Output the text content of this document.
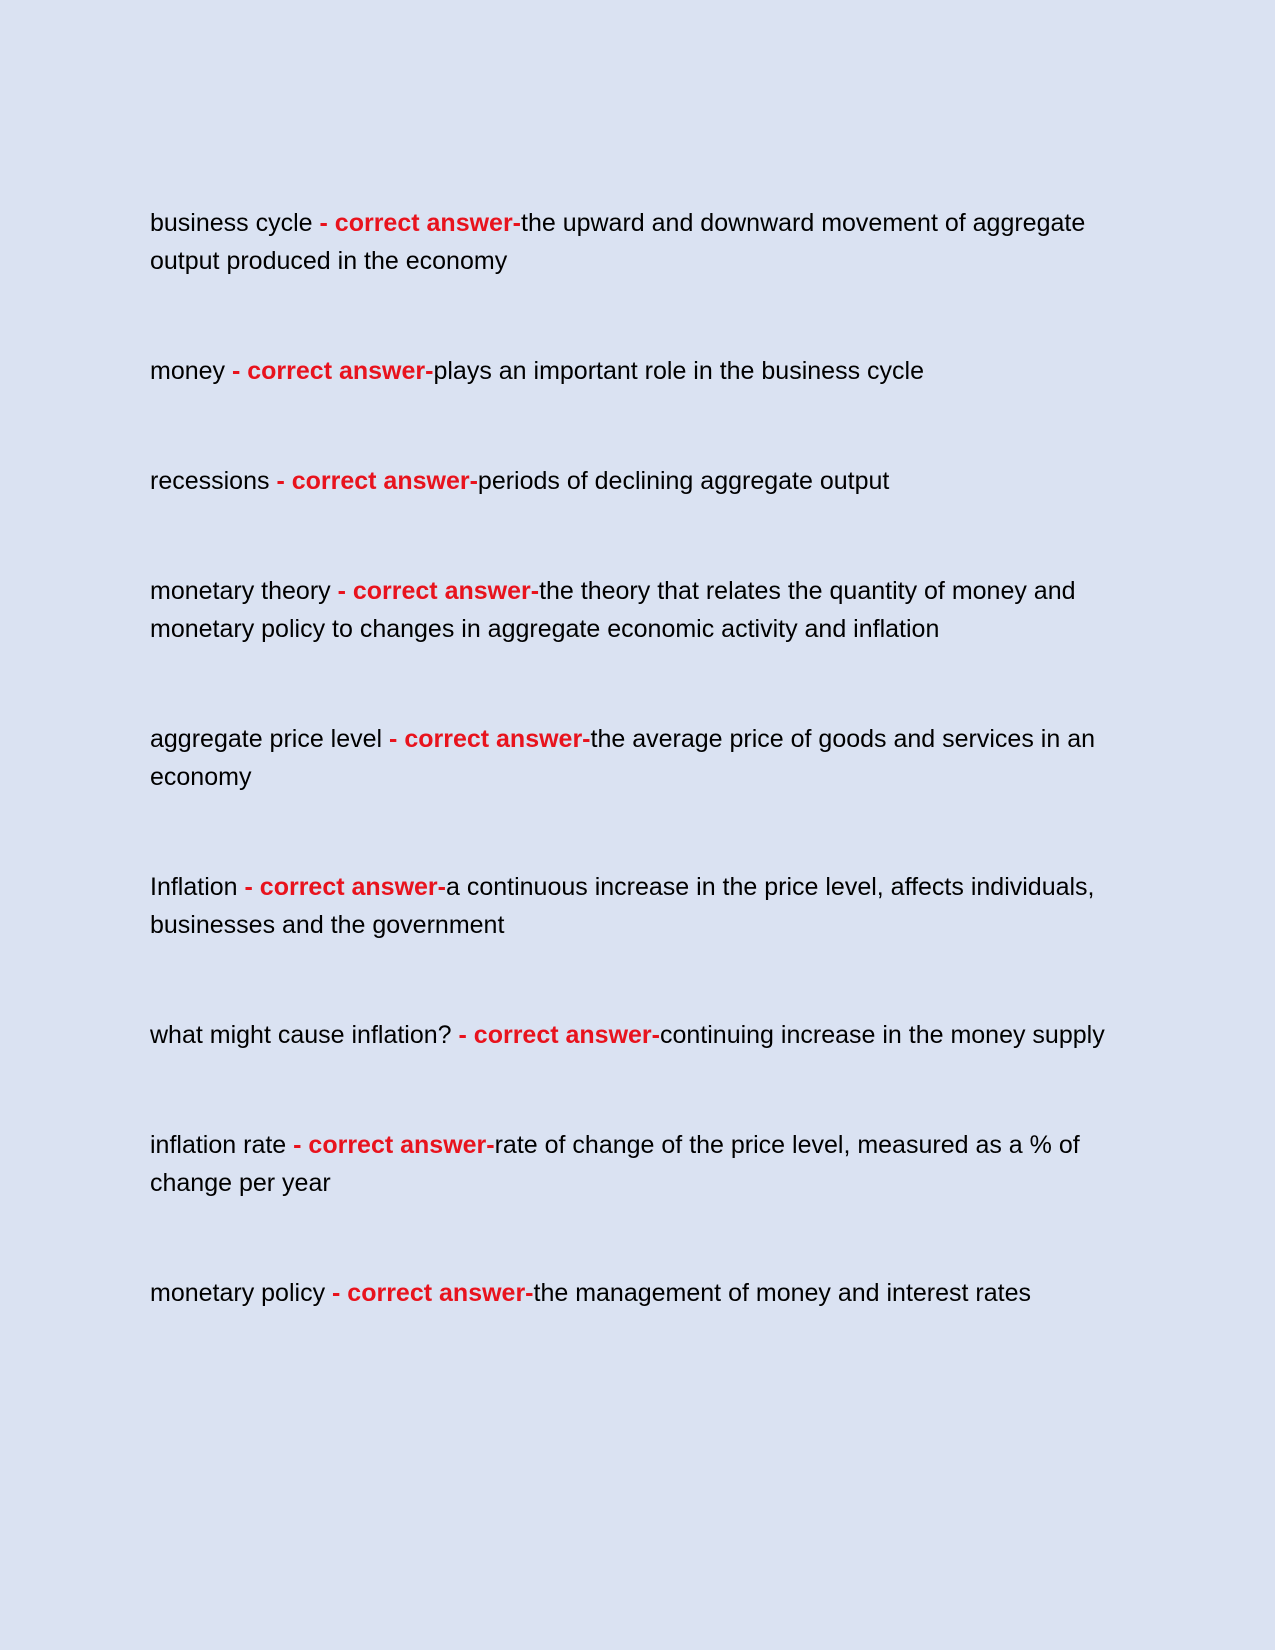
business cycle - correct answer-the upward and downward movement of aggregate output produced in the economy

money - correct answer-plays an important role in the business cycle

recessions - correct answer-periods of declining aggregate output

monetary theory - correct answer-the theory that relates the quantity of money and monetary policy to changes in aggregate economic activity and inflation

aggregate price level - correct answer-the average price of goods and services in an economy

Inflation - correct answer-a continuous increase in the price level, affects individuals, businesses and the government

what might cause inflation? - correct answer-continuing increase in the money supply

inflation rate - correct answer-rate of change of the price level, measured as a % of change per year

monetary policy - correct answer-the management of money and interest rates
